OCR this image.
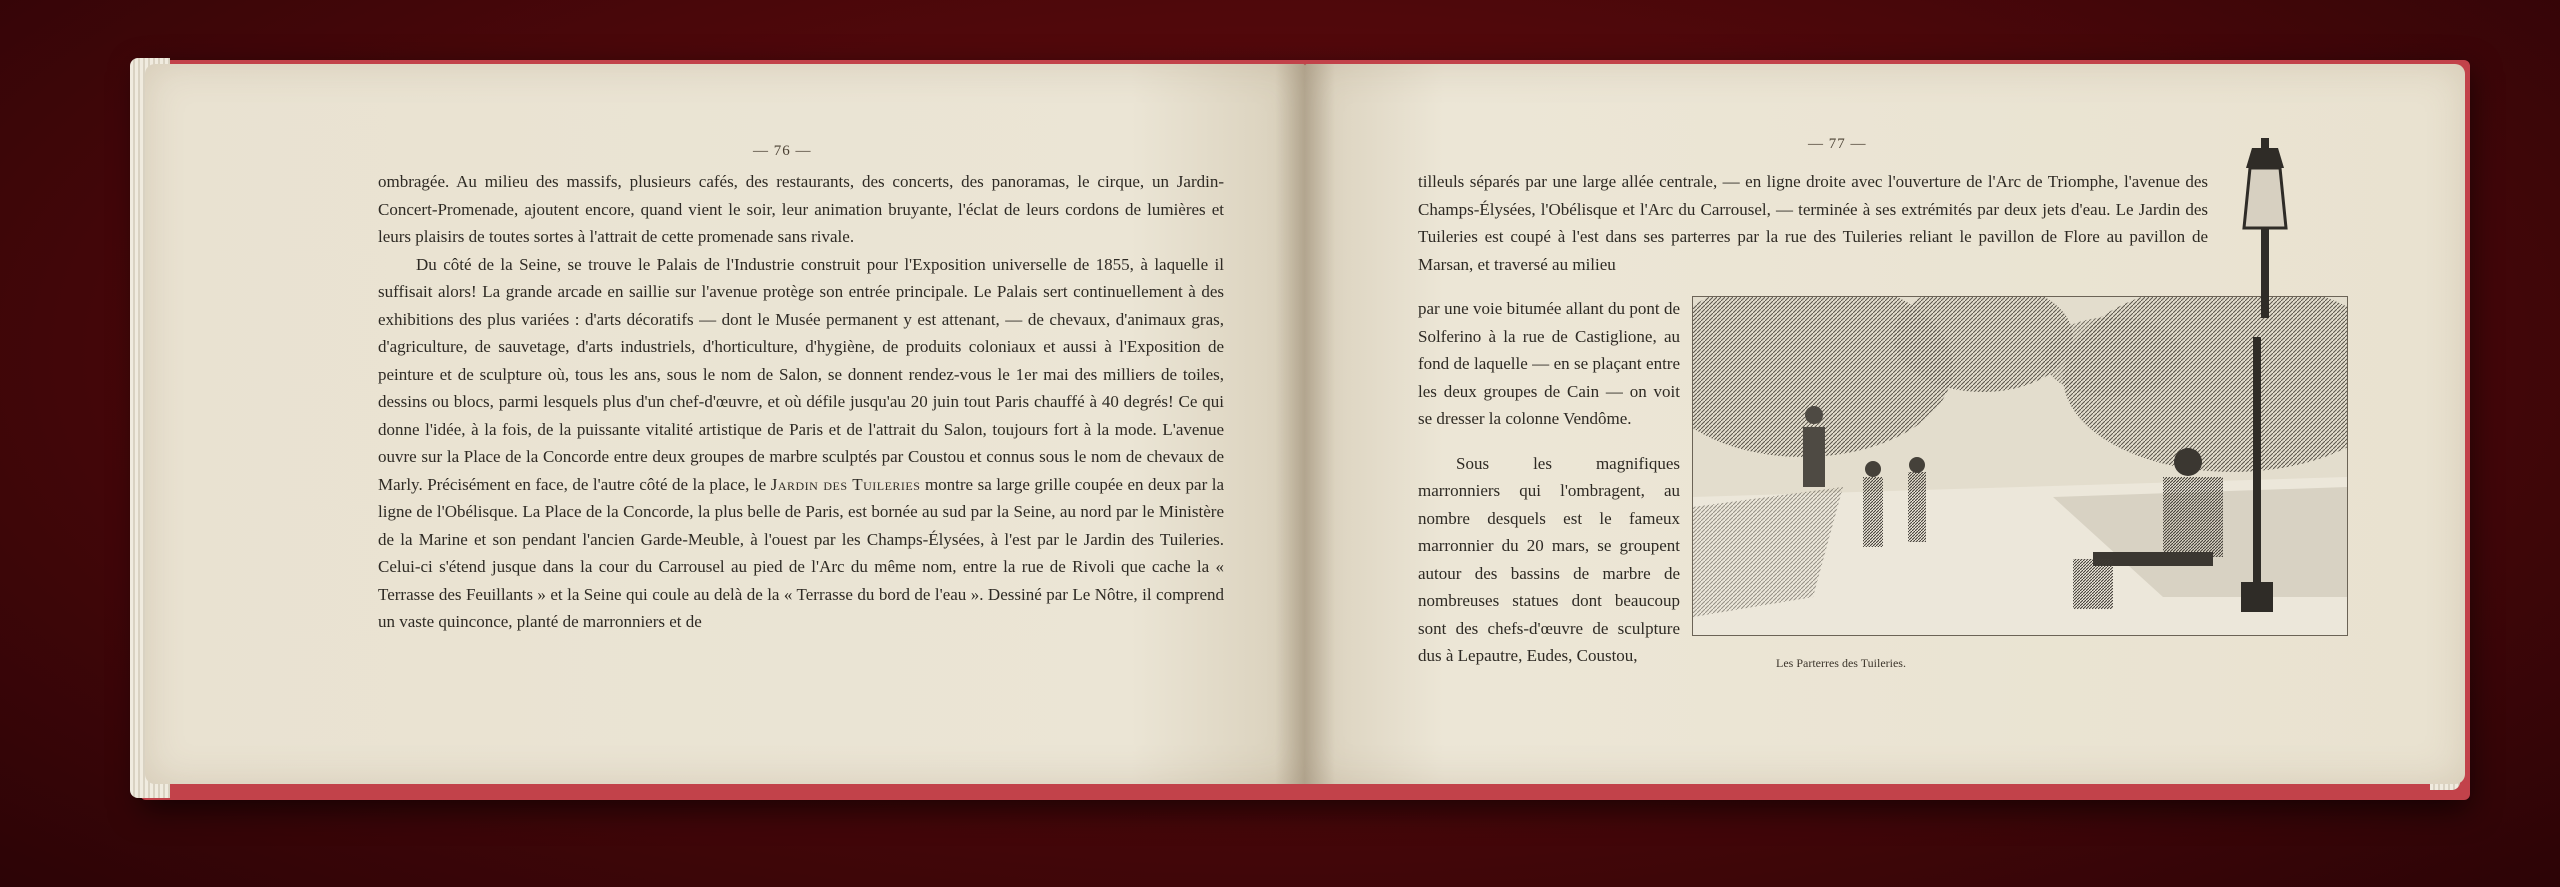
— 76 —

ombragée. Au milieu des massifs, plusieurs cafés, des restaurants, des concerts, des panoramas, le cirque, un Jardin-Concert-Promenade, ajoutent encore, quand vient le soir, leur animation bruyante, l'éclat de leurs cordons de lumières et leurs plaisirs de toutes sortes à l'attrait de cette promenade sans rivale.

Du côté de la Seine, se trouve le Palais de l'Industrie construit pour l'Exposition universelle de 1855, à laquelle il suffisait alors! La grande arcade en saillie sur l'avenue protège son entrée principale. Le Palais sert continuellement à des exhibitions des plus variées : d'arts décoratifs — dont le Musée permanent y est attenant, — de chevaux, d'animaux gras, d'agriculture, de sauvetage, d'arts industriels, d'horticulture, d'hygiène, de produits coloniaux et aussi à l'Exposition de peinture et de sculpture où, tous les ans, sous le nom de Salon, se donnent rendez-vous le 1er mai des milliers de toiles, dessins ou blocs, parmi lesquels plus d'un chef-d'œuvre, et où défile jusqu'au 20 juin tout Paris chauffé à 40 degrés! Ce qui donne l'idée, à la fois, de la puissante vitalité artistique de Paris et de l'attrait du Salon, toujours fort à la mode. L'avenue ouvre sur la Place de la Concorde entre deux groupes de marbre sculptés par Coustou et connus sous le nom de chevaux de Marly. Précisément en face, de l'autre côté de la place, le Jardin des Tuileries montre sa large grille coupée en deux par la ligne de l'Obélisque. La Place de la Concorde, la plus belle de Paris, est bornée au sud par la Seine, au nord par le Ministère de la Marine et son pendant l'ancien Garde-Meuble, à l'ouest par les Champs-Élysées, à l'est par le Jardin des Tuileries. Celui-ci s'étend jusque dans la cour du Carrousel au pied de l'Arc du même nom, entre la rue de Rivoli que cache la « Terrasse des Feuillants » et la Seine qui coule au delà de la « Terrasse du bord de l'eau ». Dessiné par Le Nôtre, il comprend un vaste quinconce, planté de marronniers et de

— 77 —
tilleuls séparés par une large allée centrale, — en ligne droite avec l'ouverture de l'Arc de Triomphe, l'avenue des Champs-Élysées, l'Obélisque et l'Arc du Carrousel, — terminée à ses extrémités par deux jets d'eau. Le Jardin des Tuileries est coupé à l'est dans ses parterres par la rue des Tuileries reliant le pavillon de Flore au pavillon de Marsan, et traversé au milieu

par une voie bitumée allant du pont de Solferino à la rue de Castiglione, au fond de laquelle — en se plaçant entre les deux groupes de Cain — on voit se dresser la colonne Vendôme.

Sous les magnifiques marronniers qui l'ombragent, au nombre desquels est le fameux marronnier du 20 mars, se groupent autour des bassins de marbre de nombreuses statues dont beaucoup sont des chefs-d'œuvre de sculpture dus à Lepautre, Eudes, Coustou,	Les Parterres des Tuileries.
